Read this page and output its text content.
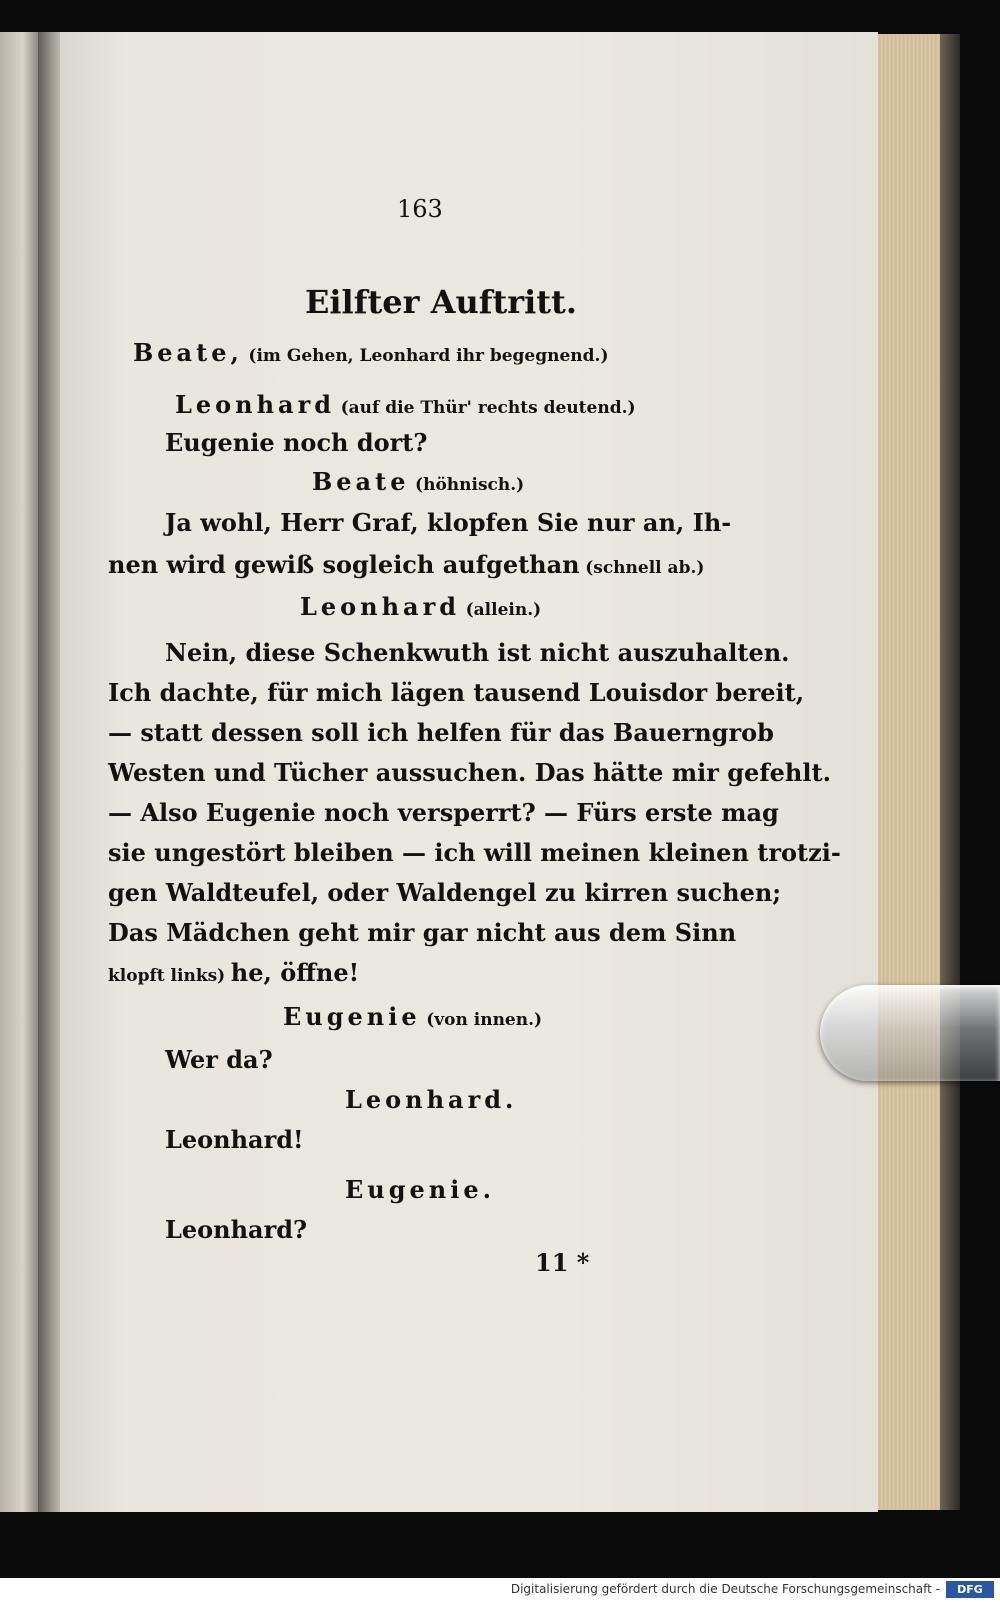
163
Eilfter Auftritt.
Beate, (im Gehen, Leonhard ihr begegnend.)
Leonhard (auf die Thür' rechts deutend.)
Eugenie noch dort?
Beate (höhnisch.)
Ja wohl, Herr Graf, klopfen Sie nur an, Ih-
nen wird gewiß sogleich aufgethan (schnell ab.)
Leonhard (allein.)
Nein, diese Schenkwuth ist nicht auszuhalten.
Ich dachte, für mich lägen tausend Louisdor bereit,
— statt dessen soll ich helfen für das Bauerngrob
Westen und Tücher aussuchen. Das hätte mir gefehlt.
— Also Eugenie noch versperrt? — Fürs erste mag
sie ungestört bleiben — ich will meinen kleinen trotzi-
gen Waldteufel, oder Waldengel zu kirren suchen;
Das Mädchen geht mir gar nicht aus dem Sinn
klopft links) he, öffne!
Eugenie (von innen.)
Wer da?
Leonhard.
Leonhard!
Eugenie.
Leonhard?
11 *
Digitalisierung gefördert durch die Deutsche Forschungsgemeinschaft -	DFG
